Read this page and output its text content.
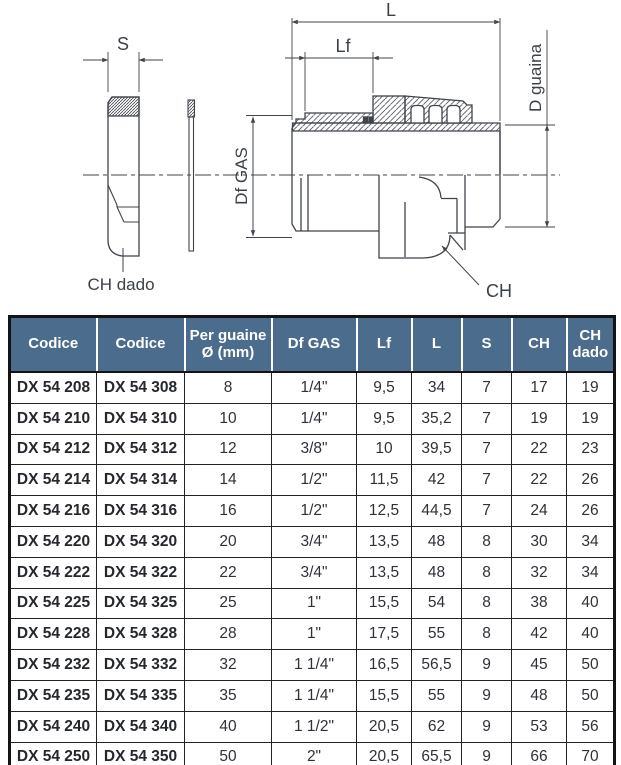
S
CH dado
L
Lf
Df GAS
D guaina
CH
Codice	Codice	Per guaine Ø (mm)	Df GAS	Lf	L	S	CH	CH dado
DX 54 208	DX 54 308	8	1/4"	9,5	34	7	17	19
DX 54 210	DX 54 310	10	1/4"	9,5	35,2	7	19	19
DX 54 212	DX 54 312	12	3/8"	10	39,5	7	22	23
DX 54 214	DX 54 314	14	1/2"	11,5	42	7	22	26
DX 54 216	DX 54 316	16	1/2"	12,5	44,5	7	24	26
DX 54 220	DX 54 320	20	3/4"	13,5	48	8	30	34
DX 54 222	DX 54 322	22	3/4"	13,5	48	8	32	34
DX 54 225	DX 54 325	25	1"	15,5	54	8	38	40
DX 54 228	DX 54 328	28	1"	17,5	55	8	42	40
DX 54 232	DX 54 332	32	1 1/4"	16,5	56,5	9	45	50
DX 54 235	DX 54 335	35	1 1/4"	15,5	55	9	48	50
DX 54 240	DX 54 340	40	1 1/2"	20,5	62	9	53	56
DX 54 250	DX 54 350	50	2"	20,5	65,5	9	66	70
